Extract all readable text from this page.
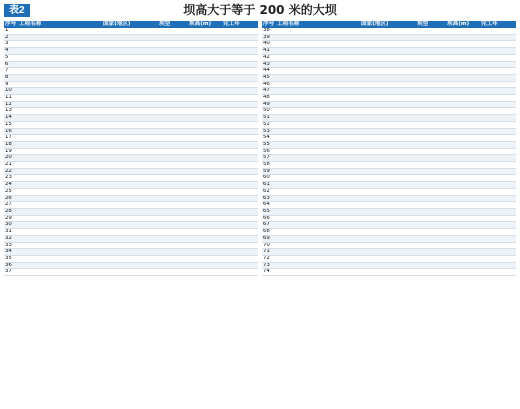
表2	坝高大于等于 200 米的大坝
序号	工程名称	国家(地区)	坝型	坝高(m)	完工年
1					
2					
3					
4					
5					
6					
7					
8					
9					
10					
11					
12					
13					
14					
15					
16					
17					
18					
19					
20					
21					
22					
23					
24					
25					
26					
27					
28					
29					
30					
31					
32					
33					
34					
35					
36					
37					
序号	工程名称	国家(地区)	坝型	坝高(m)	完工年
38					
39					
40					
41					
42					
43					
44					
45					
46					
47					
48					
49					
50					
51					
52					
53					
54					
55					
56					
57					
58					
59					
60					
61					
62					
63					
64					
65					
66					
67					
68					
69					
70					
71					
72					
73					
74					
